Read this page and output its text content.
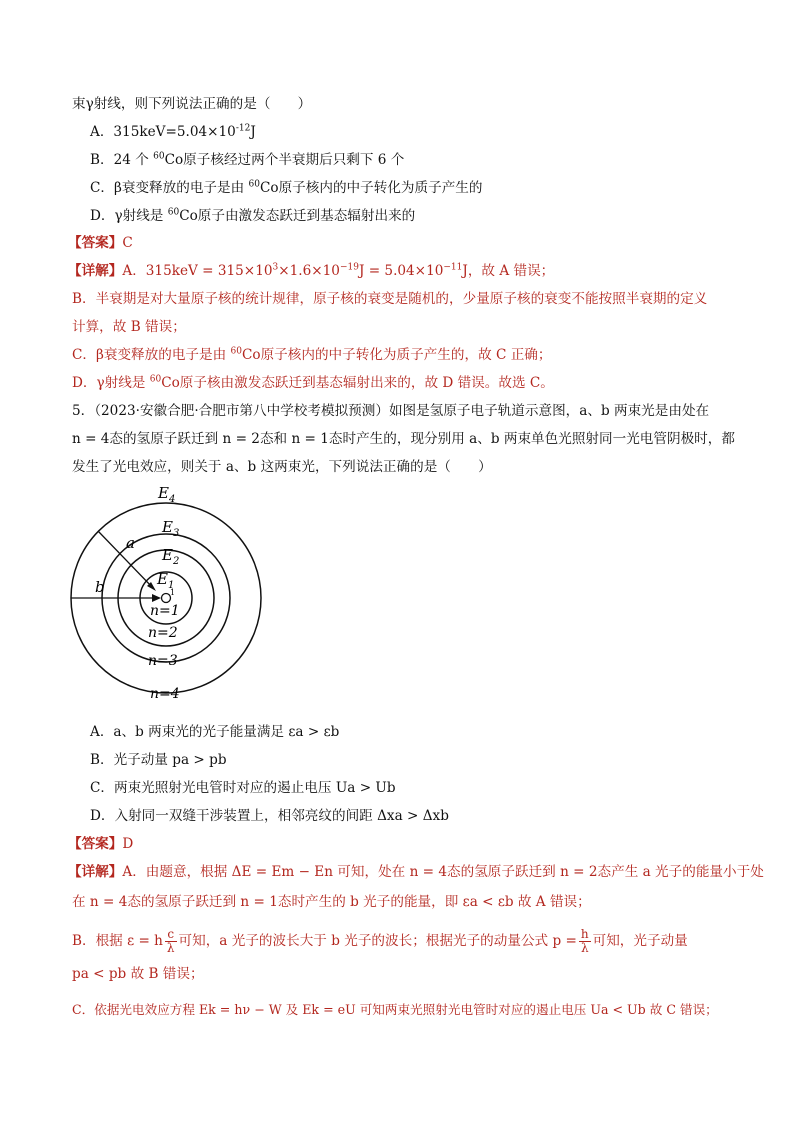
束γ射线，则下列说法正确的是（　　）
A．$315keV=5.04\times 10^{-12}J$
B．24 个 $^{60}$Co原子核经过两个半衰期后只剩下 6 个
C．β衰变释放的电子是由 $^{60}$Co原子核内的中子转化为质子产生的
D．γ射线是 $^{60}$Co原子由激发态跃迁到基态辐射出来的
【答案】C
【详解】A．$315keV = 315\times 10^3\times 1.6\times 10^{-19}J = 5.04\times 10^{-11}J$，故 A 错误；
B．半衰期是对大量原子核的统计规律，原子核的衰变是随机的，少量原子核的衰变不能按照半衰期的定义
计算，故 B 错误；
C．β衰变释放的电子是由 $^{60}$Co原子核内的中子转化为质子产生的，故 C 正确；
D．γ射线是 $^{60}$Co原子核由激发态跃迁到基态辐射出来的，故 D 错误。故选 C。
5．（2023·安徽合肥·合肥市第八中学校考模拟预测）如图是氢原子电子轨道示意图，a、b 两束光是由处在
n = 4态的氢原子跃迁到 n = 2态和 n = 1态时产生的，现分别用 a、b 两束单色光照射同一光电管阴极时，都
发生了光电效应，则关于 a、b 这两束光，下列说法正确的是（　　）
$E_4$
$E_3$
$E_2$
$E_1$
1
a
b
n=1
n=2
n=3
n=4
A．a、b 两束光的光子能量满足 εa > εb
B．光子动量 pa > pb
C．两束光照射光电管时对应的遏止电压 Ua > Ub
D．入射同一双缝干涉装置上，相邻亮纹的间距 Δxa > Δxb
【答案】D
【详解】A．由题意，根据 ΔE = Em − En 可知，处在 n = 4态的氢原子跃迁到 n = 2态产生 a 光子的能量小于处
在 n = 4态的氢原子跃迁到 n = 1态时产生的 b 光子的能量，即 εa < εb 故 A 错误；
B．根据 ε = h $\frac{c}{\lambda}$ 可知，a 光子的波长大于 b 光子的波长；根据光子的动量公式 $p = \frac{h}{\lambda}$ 可知，光子动量
pa < pb 故 B 错误；
C．依据光电效应方程 Ek = hν − W 及 Ek = eU 可知两束光照射光电管时对应的遏止电压 Ua < Ub 故 C 错误；
